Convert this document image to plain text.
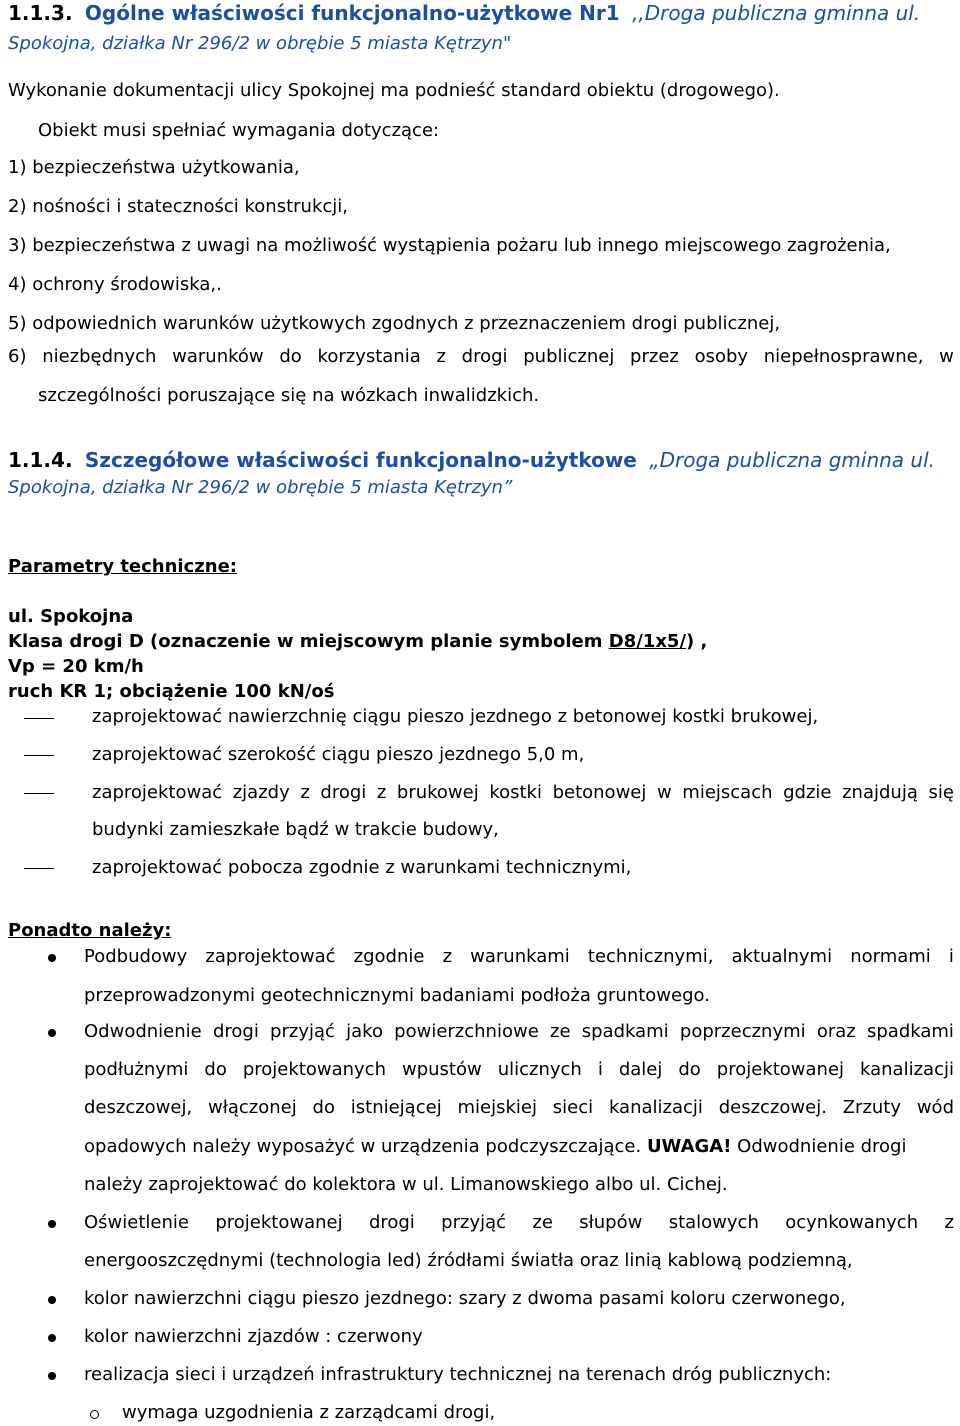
1.1.3. Ogólne właściwości funkcjonalno-użytkowe Nr1 ,,Droga publiczna gminna ul.
Spokojna, działka Nr 296/2 w obrębie 5 miasta Kętrzyn"
Wykonanie dokumentacji ulicy Spokojnej ma podnieść standard obiektu (drogowego).
Obiekt musi spełniać wymagania dotyczące:
1) bezpieczeństwa użytkowania,
2) nośności i stateczności konstrukcji,
3) bezpieczeństwa z uwagi na możliwość wystąpienia pożaru lub innego miejscowego zagrożenia,
4) ochrony środowiska,.
5) odpowiednich warunków użytkowych zgodnych z przeznaczeniem drogi publicznej,
6) niezbędnych warunków do korzystania z drogi publicznej przez osoby niepełnosprawne, w
szczególności poruszające się na wózkach inwalidzkich.
1.1.4. Szczegółowe właściwości funkcjonalno-użytkowe „Droga publiczna gminna ul.
Spokojna, działka Nr 296/2 w obrębie 5 miasta Kętrzyn”
Parametry techniczne:
ul. Spokojna
Klasa drogi D (oznaczenie w miejscowym planie symbolem D8/1x5/) ,
Vp = 20 km/h
ruch KR 1; obciążenie 100 kN/oś
zaprojektować nawierzchnię ciągu pieszo jezdnego z betonowej kostki brukowej,
zaprojektować szerokość ciągu pieszo jezdnego 5,0 m,
zaprojektować zjazdy z drogi z brukowej kostki betonowej w miejscach gdzie znajdują się
budynki zamieszkałe bądź w trakcie budowy,
zaprojektować pobocza zgodnie z warunkami technicznymi,
Ponadto należy:
Podbudowy zaprojektować zgodnie z warunkami technicznymi, aktualnymi normami i
przeprowadzonymi geotechnicznymi badaniami podłoża gruntowego.
Odwodnienie drogi przyjąć jako powierzchniowe ze spadkami poprzecznymi oraz spadkami
podłużnymi do projektowanych wpustów ulicznych i dalej do projektowanej kanalizacji
deszczowej, włączonej do istniejącej miejskiej sieci kanalizacji deszczowej. Zrzuty wód
opadowych należy wyposażyć w urządzenia podczyszczające. UWAGA! Odwodnienie drogi
należy zaprojektować do kolektora w ul. Limanowskiego albo ul. Cichej.
Oświetlenie projektowanej drogi przyjąć ze słupów stalowych ocynkowanych z
energooszczędnymi (technologia led) źródłami światła oraz linią kablową podziemną,
kolor nawierzchni ciągu pieszo jezdnego: szary z dwoma pasami koloru czerwonego,
kolor nawierzchni zjazdów : czerwony
realizacja sieci i urządzeń infrastruktury technicznej na terenach dróg publicznych:
wymaga uzgodnienia z zarządcami drogi,
